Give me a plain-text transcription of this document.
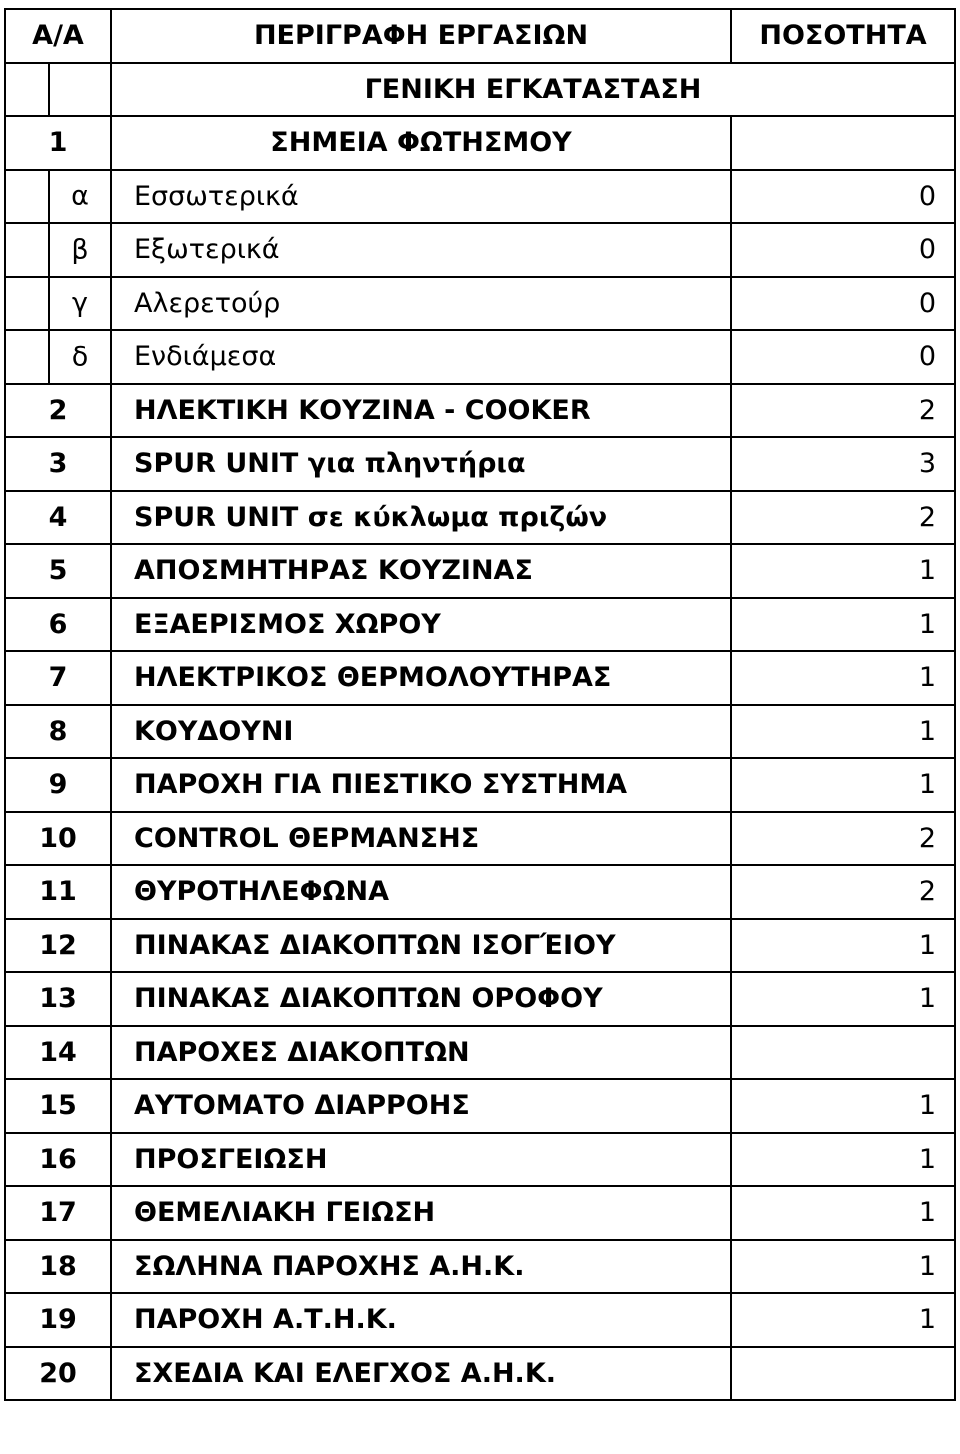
Α/Α	ΠΕΡΙΓΡΑΦΗ ΕΡΓΑΣΙΩΝ	ΠΟΣΟΤΗΤΑ

	ΓΕΝΙΚΗ ΕΓΚΑΤΑΣΤΑΣΗ	
1	ΣΗΜΕΙΑ ΦΩΤΗΣΜΟΥ	

α	Εσσωτερικά	0

β	Εξωτερικά	0

γ	Αλερετούρ	0

δ	Ενδιάμεσα	0
2	ΗΛΕΚΤΙΚΗ ΚΟΥΖΙΝΑ - COOKER	2
3	SPUR UNIT για πληντήρια	3
4	SPUR UNIT σε κύκλωμα πριζών	2
5	ΑΠΟΣΜΗΤΗΡΑΣ ΚΟΥΖΙΝΑΣ	1
6	ΕΞΑΕΡΙΣΜΟΣ ΧΩΡΟΥ	1
7	ΗΛΕΚΤΡΙΚΟΣ ΘΕΡΜΟΛΟΥΤΗΡΑΣ	1
8	ΚΟΥΔΟΥΝΙ	1
9	ΠΑΡΟΧΗ ΓΙΑ ΠΙΕΣΤΙΚΟ ΣΥΣΤΗΜΑ	1
10	CONTROL ΘΕΡΜΑΝΣΗΣ	2
11	ΘΥΡΟΤΗΛΕΦΩΝΑ	2
12	ΠΙΝΑΚΑΣ ΔΙΑΚΟΠΤΩΝ ΙΣΟΓΈΙΟΥ	1
13	ΠΙΝΑΚΑΣ ΔΙΑΚΟΠΤΩΝ ΟΡΟΦΟΥ	1
14	ΠΑΡΟΧΕΣ ΔΙΑΚΟΠΤΩΝ	
15	ΑΥΤΟΜΑΤΟ ΔΙΑΡΡΟΗΣ	1
16	ΠΡΟΣΓΕΙΩΣΗ	1
17	ΘΕΜΕΛΙΑΚΗ ΓΕΙΩΣΗ	1
18	ΣΩΛΗΝΑ ΠΑΡΟΧΗΣ Α.Η.Κ.	1
19	ΠΑΡΟΧΗ Α.Τ.Η.Κ.	1
20	ΣΧΕΔΙΑ ΚΑΙ ΕΛΕΓΧΟΣ Α.Η.Κ.	
